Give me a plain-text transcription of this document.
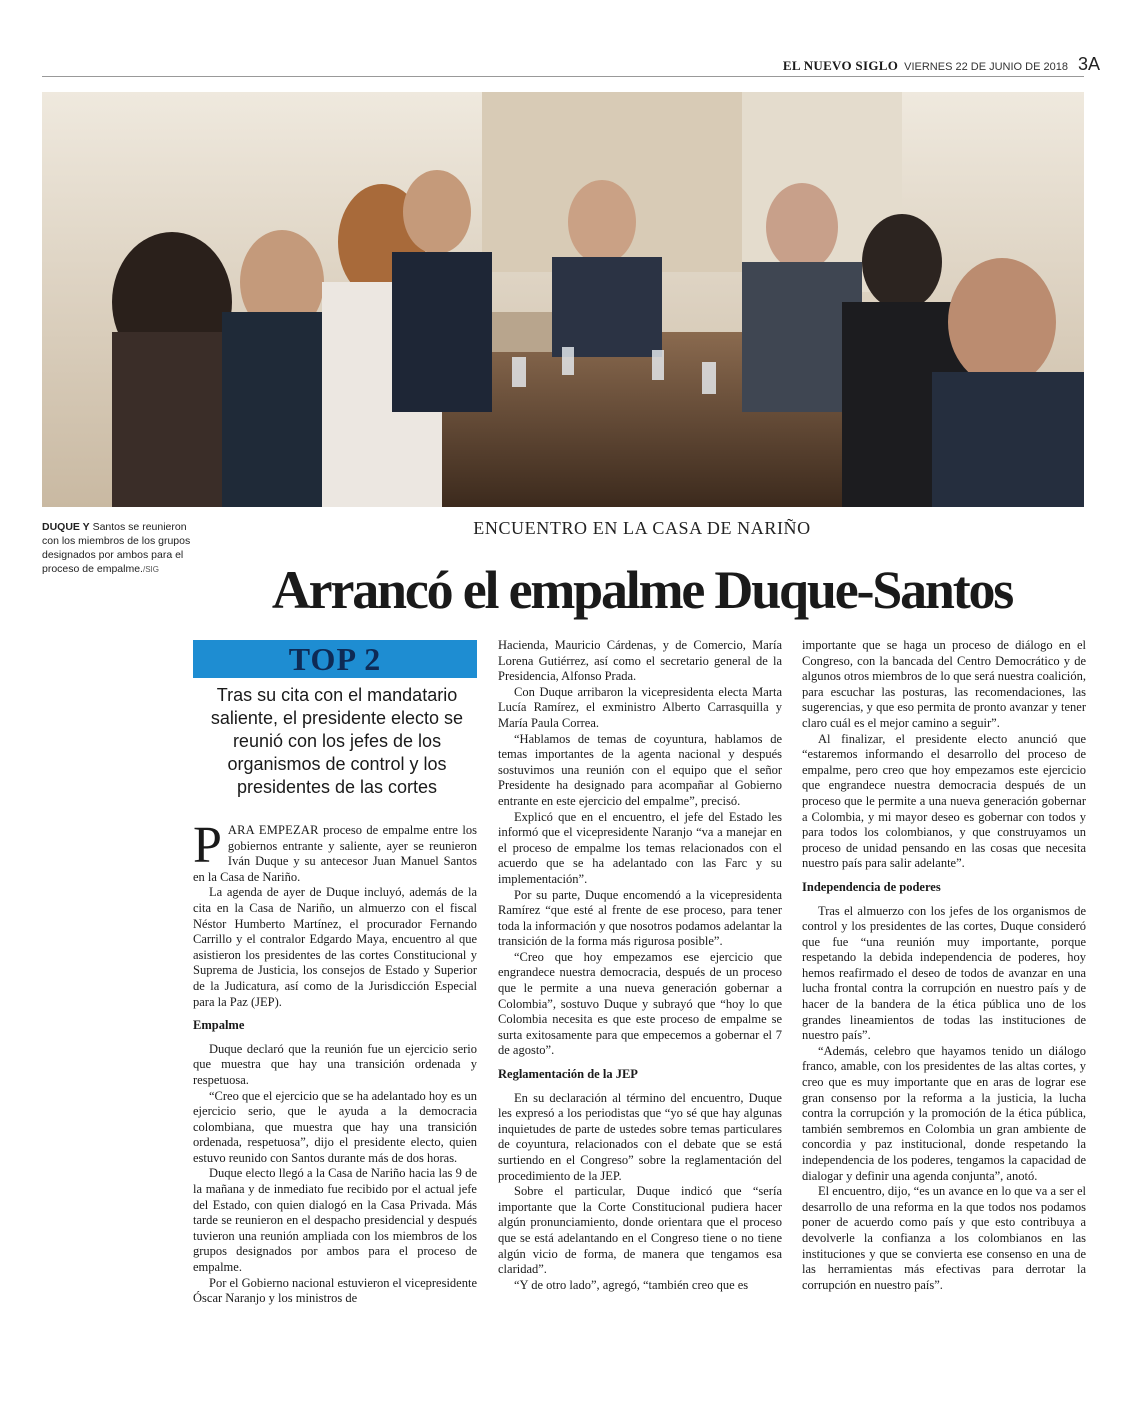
EL NUEVO SIGLO VIERNES 22 DE JUNIO DE 2018 3A
DUQUE Y Santos se reunieron con los miembros de los grupos designados por ambos para el proceso de empalme./SIG
ENCUENTRO EN LA CASA DE NARIÑO
Arrancó el empalme Duque-Santos
TOP 2
Tras su cita con el mandatario saliente, el presidente electo se reunió con los jefes de los organismos de control y los presidentes de las cortes

PARA EMPEZAR proceso de empalme entre los gobiernos entrante y saliente, ayer se reunieron Iván Duque y su antecesor Juan Manuel Santos en la Casa de Nariño.

La agenda de ayer de Duque incluyó, además de la cita en la Casa de Nariño, un almuerzo con el fiscal Néstor Humberto Martínez, el procurador Fernando Carrillo y el contralor Edgardo Maya, encuentro al que asistieron los presidentes de las cortes Constitucional y Suprema de Justicia, los consejos de Estado y Superior de la Judicatura, así como de la Jurisdicción Especial para la Paz (JEP).

Empalme

Duque declaró que la reunión fue un ejercicio serio que muestra que hay una transición ordenada y respetuosa.

“Creo que el ejercicio que se ha adelantado hoy es un ejercicio serio, que le ayuda a la democracia colombiana, que muestra que hay una transición ordenada, respetuosa”, dijo el presidente electo, quien estuvo reunido con Santos durante más de dos horas.

Duque electo llegó a la Casa de Nariño hacia las 9 de la mañana y de inmediato fue recibido por el actual jefe del Estado, con quien dialogó en la Casa Privada. Más tarde se reunieron en el despacho presidencial y después tuvieron una reunión ampliada con los miembros de los grupos designados por ambos para el proceso de empalme.

Por el Gobierno nacional estuvieron el vicepresidente Óscar Naranjo y los ministros de

Hacienda, Mauricio Cárdenas, y de Comercio, María Lorena Gutiérrez, así como el secretario general de la Presidencia, Alfonso Prada.

Con Duque arribaron la vicepresidenta electa Marta Lucía Ramírez, el exministro Alberto Carrasquilla y María Paula Correa.

“Hablamos de temas de coyuntura, hablamos de temas importantes de la agenta nacional y después sostuvimos una reunión con el equipo que el señor Presidente ha designado para acompañar al Gobierno entrante en este ejercicio del empalme”, precisó.

Explicó que en el encuentro, el jefe del Estado les informó que el vicepresidente Naranjo “va a manejar en el proceso de empalme los temas relacionados con el acuerdo que se ha adelantado con las Farc y su implementación”.

Por su parte, Duque encomendó a la vicepresidenta Ramírez “que esté al frente de ese proceso, para tener toda la información y que nosotros podamos adelantar la transición de la forma más rigurosa posible”.

“Creo que hoy empezamos ese ejercicio que engrandece nuestra democracia, después de un proceso que le permite a una nueva generación gobernar a Colombia”, sostuvo Duque y subrayó que “hoy lo que Colombia necesita es que este proceso de empalme se surta exitosamente para que empecemos a gobernar el 7 de agosto”.

Reglamentación de la JEP

En su declaración al término del encuentro, Duque les expresó a los periodistas que “yo sé que hay algunas inquietudes de parte de ustedes sobre temas particulares de coyuntura, relacionados con el debate que se está surtiendo en el Congreso” sobre la reglamentación del procedimiento de la JEP.

Sobre el particular, Duque indicó que “sería importante que la Corte Constitucional pudiera hacer algún pronunciamiento, donde orientara que el proceso que se está adelantando en el Congreso tiene o no tiene algún vicio de forma, de manera que tengamos esa claridad”.

“Y de otro lado”, agregó, “también creo que es

importante que se haga un proceso de diálogo en el Congreso, con la bancada del Centro Democrático y de algunos otros miembros de lo que será nuestra coalición, para escuchar las posturas, las recomendaciones, las sugerencias, y que eso permita de pronto avanzar y tener claro cuál es el mejor camino a seguir”.

Al finalizar, el presidente electo anunció que “estaremos informando el desarrollo del proceso de empalme, pero creo que hoy empezamos este ejercicio que engrandece nuestra democracia después de un proceso que le permite a una nueva generación gobernar a Colombia, y mi mayor deseo es gobernar con todos y para todos los colombianos, y que construyamos un proceso de unidad pensando en las cosas que necesita nuestro país para salir adelante”.

Independencia de poderes

Tras el almuerzo con los jefes de los organismos de control y los presidentes de las cortes, Duque consideró que fue “una reunión muy importante, porque respetando la debida independencia de poderes, hoy hemos reafirmado el deseo de todos de avanzar en una lucha frontal contra la corrupción en nuestro país y de hacer de la bandera de la ética pública uno de los grandes lineamientos de todas las instituciones de nuestro país”.

“Además, celebro que hayamos tenido un diálogo franco, amable, con los presidentes de las altas cortes, y creo que es muy importante que en aras de lograr ese gran consenso por la reforma a la justicia, la lucha contra la corrupción y la promoción de la ética pública, también sembremos en Colombia un gran ambiente de concordia y paz institucional, donde respetando la independencia de los poderes, tengamos la capacidad de dialogar y definir una agenda conjunta”, anotó.

El encuentro, dijo, “es un avance en lo que va a ser el desarrollo de una reforma en la que todos nos podamos poner de acuerdo como país y que esto contribuya a devolverle la confianza a los colombianos en las instituciones y que se convierta ese consenso en una de las herramientas más efectivas para derrotar la corrupción en nuestro país”.
